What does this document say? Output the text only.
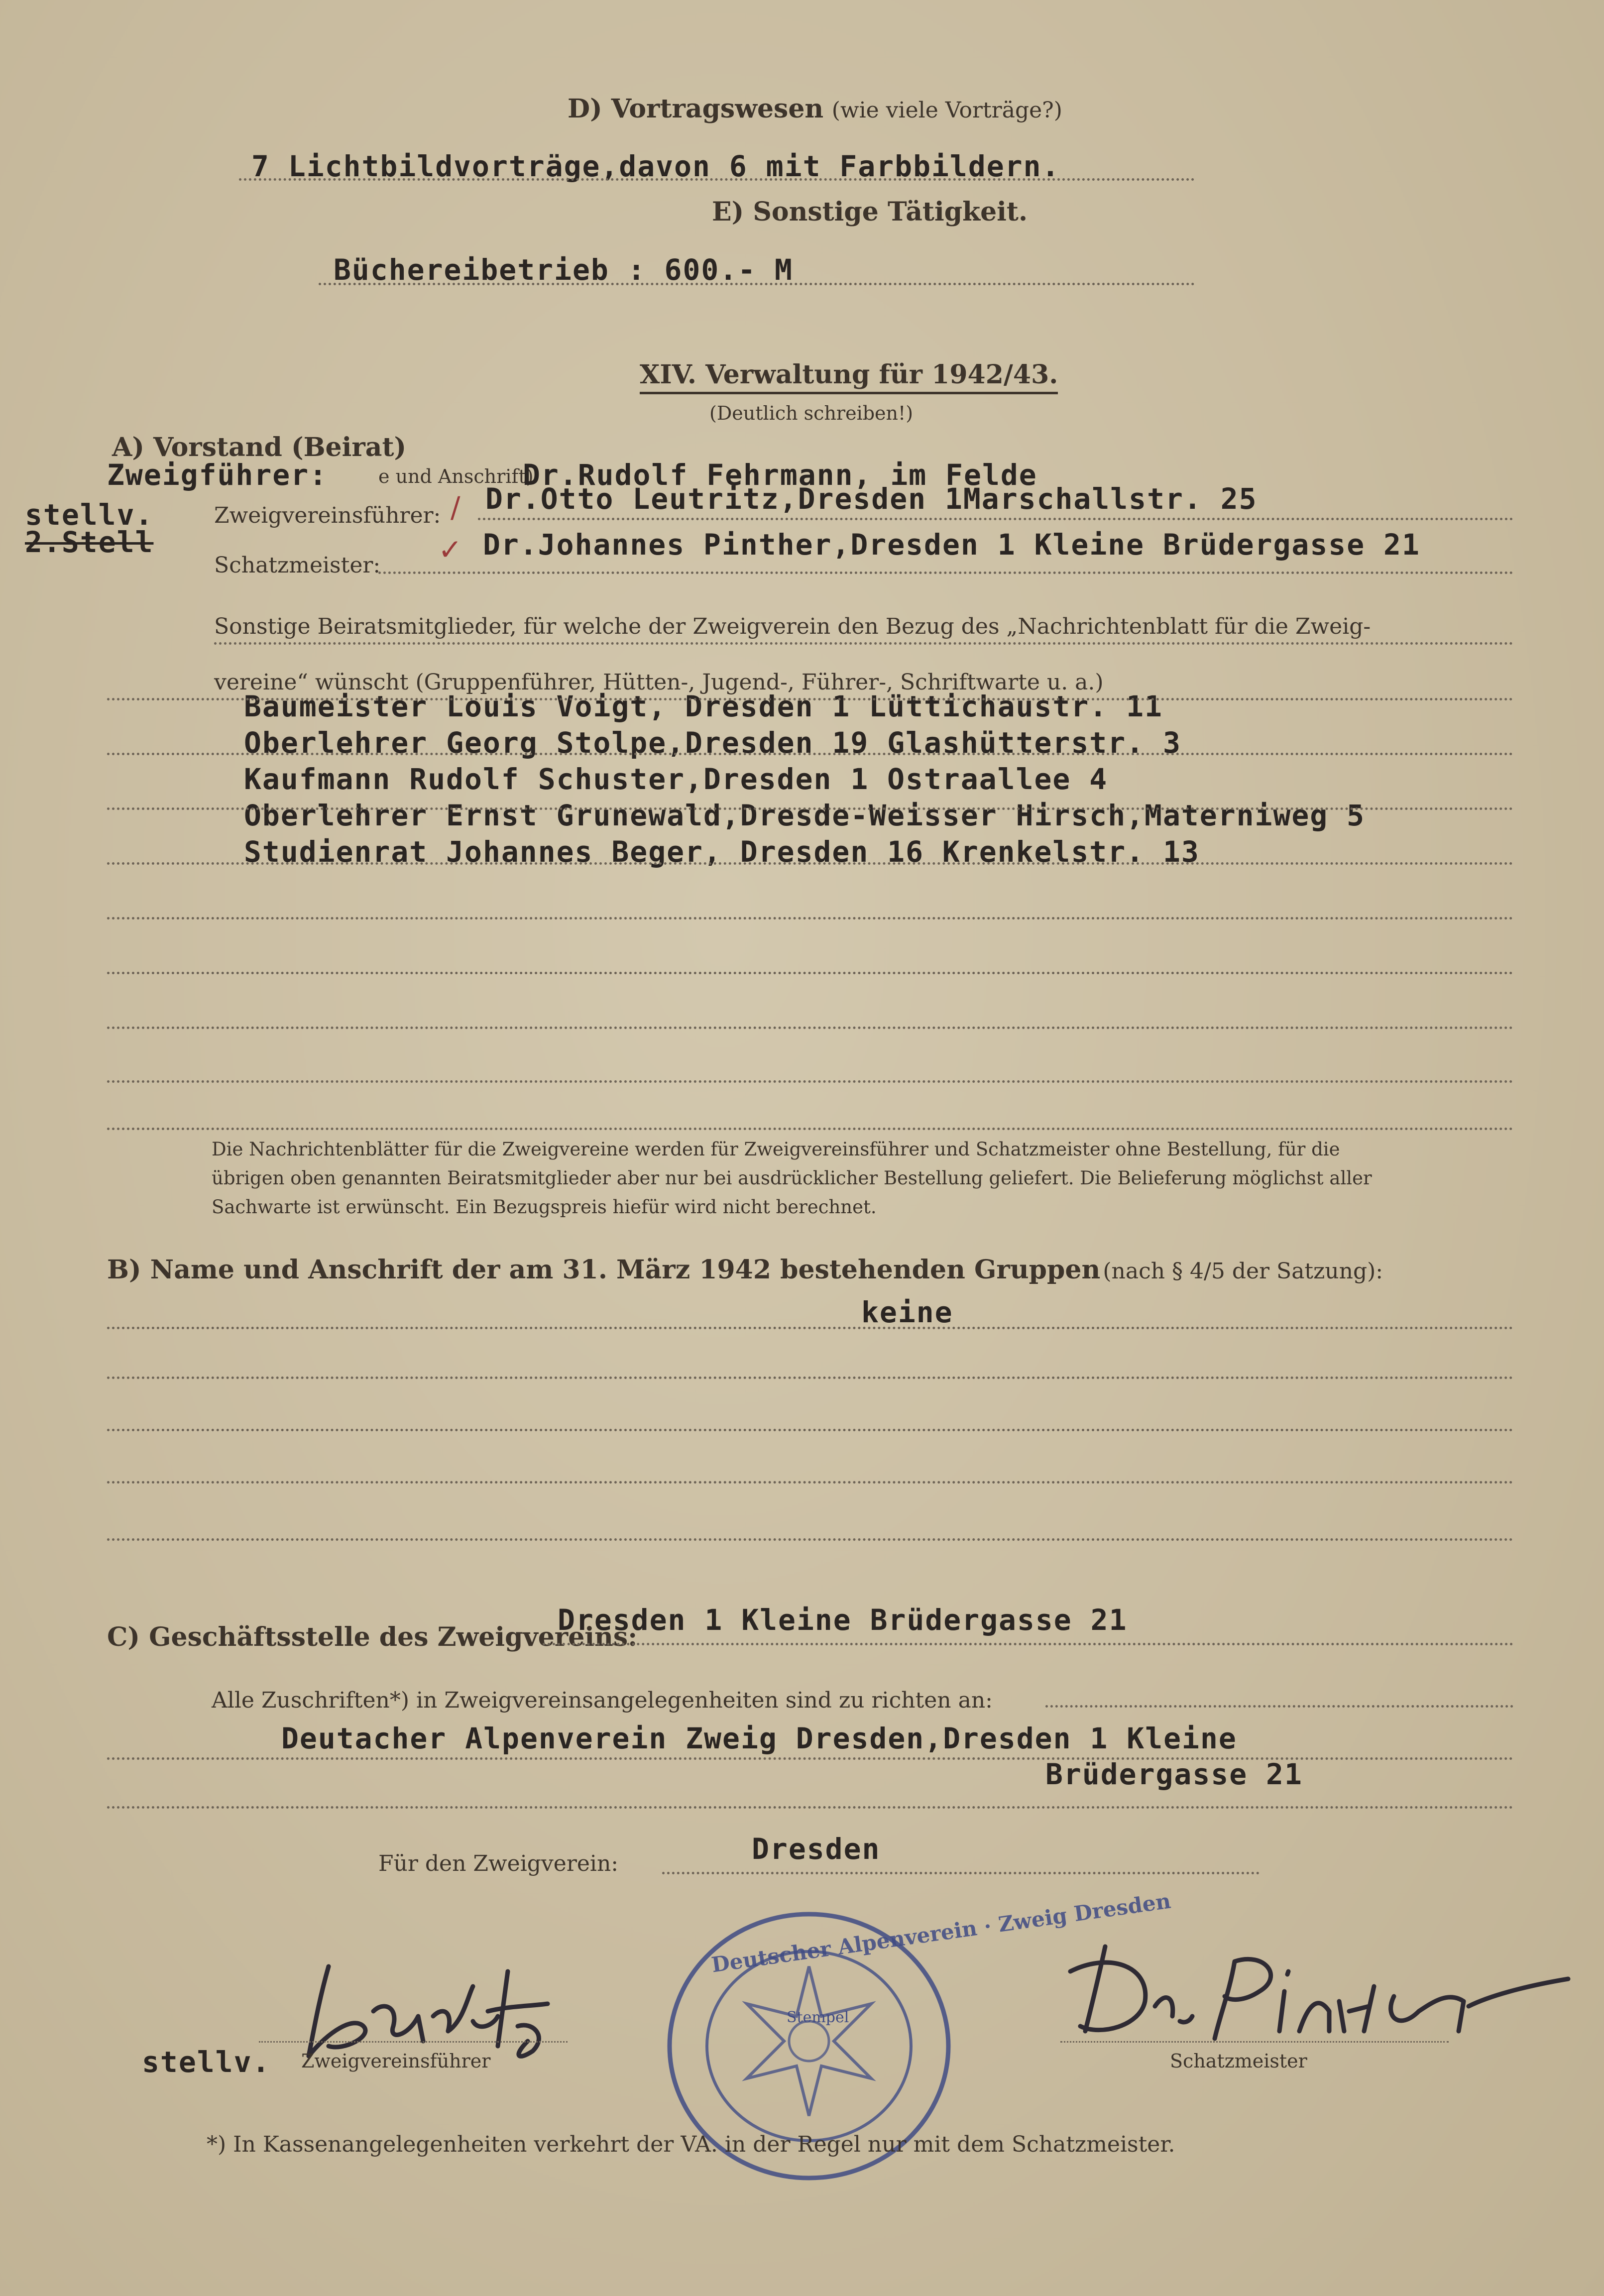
D) Vortragswesen (wie viele Vorträge?)
7 Lichtbildvorträge,davon 6 mit Farbbildern.
E) Sonstige Tätigkeit.
Büchereibetrieb : 600.- M
XIV. Verwaltung für 1942/43.
(Deutlich schreiben!)
A) Vorstand (Beirat)
Zweigführer:	e und Anschrift)
Dr.Rudolf Fehrmann, im Felde
stellv.	Zweigvereinsführer: / Dr.Otto Leutritz,Dresden 1Marschallstr. 25
2.Stell
Schatzmeister: ✓ Dr.Johannes Pinther,Dresden 1 Kleine Brüdergasse 21
Sonstige Beiratsmitglieder, für welche der Zweigverein den Bezug des „Nachrichtenblatt für die Zweig-
vereine“ wünscht (Gruppenführer, Hütten-, Jugend-, Führer-, Schriftwarte u. a.)
Baumeister Louis Voigt, Dresden 1 Lüttichaustr. 11
Oberlehrer Georg Stolpe,Dresden 19 Glashütterstr. 3
Kaufmann Rudolf Schuster,Dresden 1 Ostraallee 4
Oberlehrer Ernst Grunewald,Dresde-Weisser Hirsch,Materniweg 5
Studienrat Johannes Beger, Dresden 16 Krenkelstr. 13
Die Nachrichtenblätter für die Zweigvereine werden für Zweigvereinsführer und Schatzmeister ohne Bestellung, für die
übrigen oben genannten Beiratsmitglieder aber nur bei ausdrücklicher Bestellung geliefert. Die Belieferung möglichst aller
Sachwarte ist erwünscht. Ein Bezugspreis hiefür wird nicht berechnet.
B) Name und Anschrift der am 31. März 1942 bestehenden Gruppen (nach § 4/5 der Satzung):
keine
C) Geschäftsstelle des Zweigvereins:
Dresden 1 Kleine Brüdergasse 21
Alle Zuschriften*) in Zweigvereinsangelegenheiten sind zu richten an:
Deutacher Alpenverein Zweig Dresden,Dresden 1 Kleine
Brüdergasse 21
Für den Zweigverein:	Dresden
stellv. Zweigvereinsführer
Stempel
Deutscher Alpenverein · Zweig Dresden
Schatzmeister
*) In Kassenangelegenheiten verkehrt der VA. in der Regel nur mit dem Schatzmeister.
